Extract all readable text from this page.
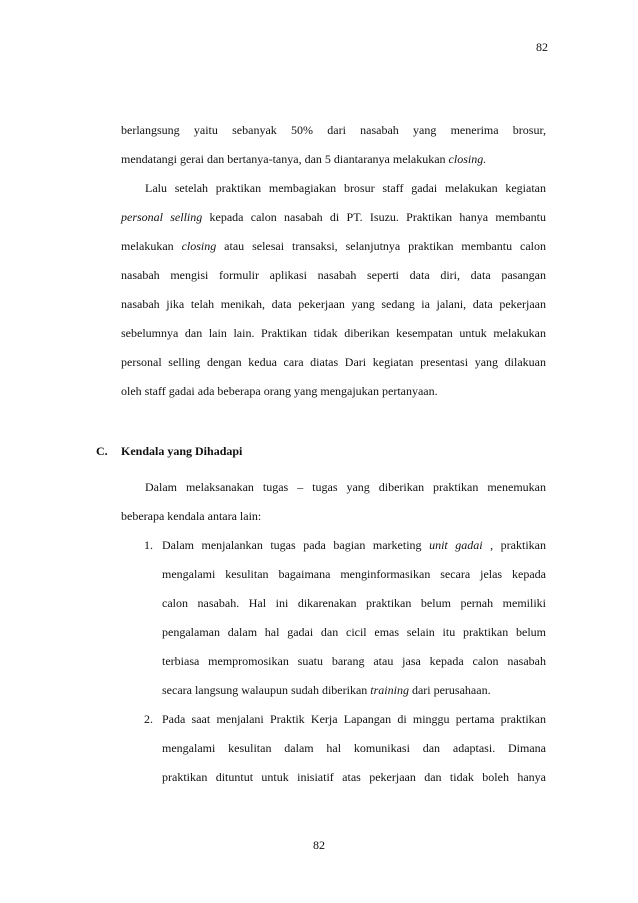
82
berlangsung yaitu sebanyak 50% dari nasabah yang menerima brosur,
mendatangi gerai dan bertanya-tanya, dan 5 diantaranya melakukan closing.
Lalu setelah praktikan membagiakan brosur staff gadai melakukan kegiatan
personal selling kepada calon nasabah di PT. Isuzu. Praktikan hanya membantu
melakukan closing atau selesai transaksi, selanjutnya praktikan membantu calon
nasabah mengisi formulir aplikasi nasabah seperti data diri, data pasangan
nasabah jika telah menikah, data pekerjaan yang sedang ia jalani, data pekerjaan
sebelumnya dan lain lain. Praktikan tidak diberikan kesempatan untuk melakukan
personal selling dengan kedua cara diatas Dari kegiatan presentasi yang dilakuan
oleh staff gadai ada beberapa orang yang mengajukan pertanyaan.
C. Kendala yang Dihadapi
Dalam melaksanakan tugas – tugas yang diberikan praktikan menemukan
beberapa kendala antara lain:
1. Dalam menjalankan tugas pada bagian marketing unit gadai , praktikan
mengalami kesulitan bagaimana menginformasikan secara jelas kepada
calon nasabah. Hal ini dikarenakan praktikan belum pernah memiliki
pengalaman dalam hal gadai dan cicil emas selain itu praktikan belum
terbiasa mempromosikan suatu barang atau jasa kepada calon nasabah
secara langsung walaupun sudah diberikan training dari perusahaan.
2. Pada saat menjalani Praktik Kerja Lapangan di minggu pertama praktikan
mengalami kesulitan dalam hal komunikasi dan adaptasi. Dimana
praktikan dituntut untuk inisiatif atas pekerjaan dan tidak boleh hanya
82
